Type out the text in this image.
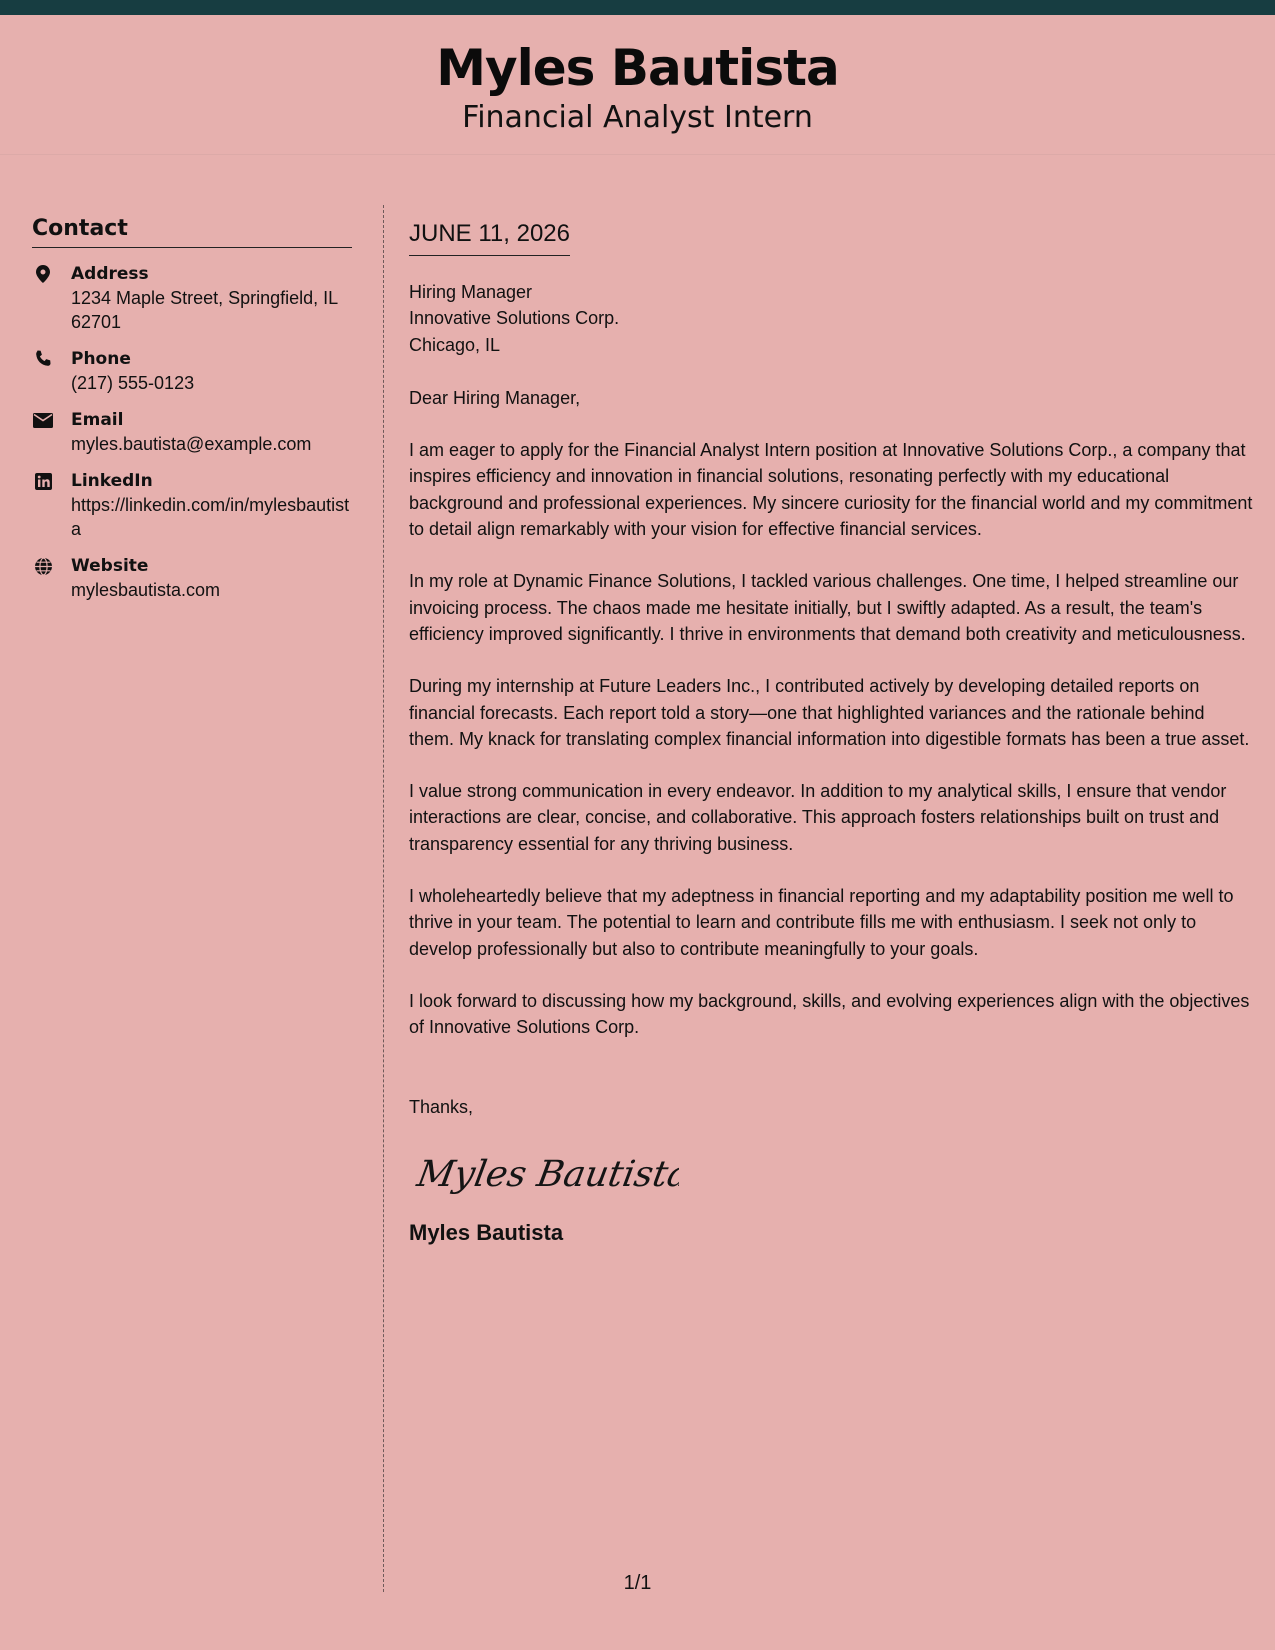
Myles Bautista
Financial Analyst Intern
Contact
Address
1234 Maple Street, Springfield, IL 62701
Phone
(217) 555-0123
Email
myles.bautista@example.com
LinkedIn
https://linkedin.com/in/mylesbautista
Website
mylesbautista.com
JUNE 11, 2026
Hiring Manager
Innovative Solutions Corp.
Chicago, IL
Dear Hiring Manager,

I am eager to apply for the Financial Analyst Intern position at Innovative Solutions Corp., a company that inspires efficiency and innovation in financial solutions, resonating perfectly with my educational background and professional experiences. My sincere curiosity for the financial world and my commitment to detail align remarkably with your vision for effective financial services.

In my role at Dynamic Finance Solutions, I tackled various challenges. One time, I helped streamline our invoicing process. The chaos made me hesitate initially, but I swiftly adapted. As a result, the team's efficiency improved significantly. I thrive in environments that demand both creativity and meticulousness.

During my internship at Future Leaders Inc., I contributed actively by developing detailed reports on financial forecasts. Each report told a story—one that highlighted variances and the rationale behind them. My knack for translating complex financial information into digestible formats has been a true asset.

I value strong communication in every endeavor. In addition to my analytical skills, I ensure that vendor interactions are clear, concise, and collaborative. This approach fosters relationships built on trust and transparency essential for any thriving business.

I wholeheartedly believe that my adeptness in financial reporting and my adaptability position me well to thrive in your team. The potential to learn and contribute fills me with enthusiasm. I seek not only to develop professionally but also to contribute meaningfully to your goals.

I look forward to discussing how my background, skills, and evolving experiences align with the objectives of Innovative Solutions Corp.

Thanks,
Myles Bautista
Myles Bautista
1/1
